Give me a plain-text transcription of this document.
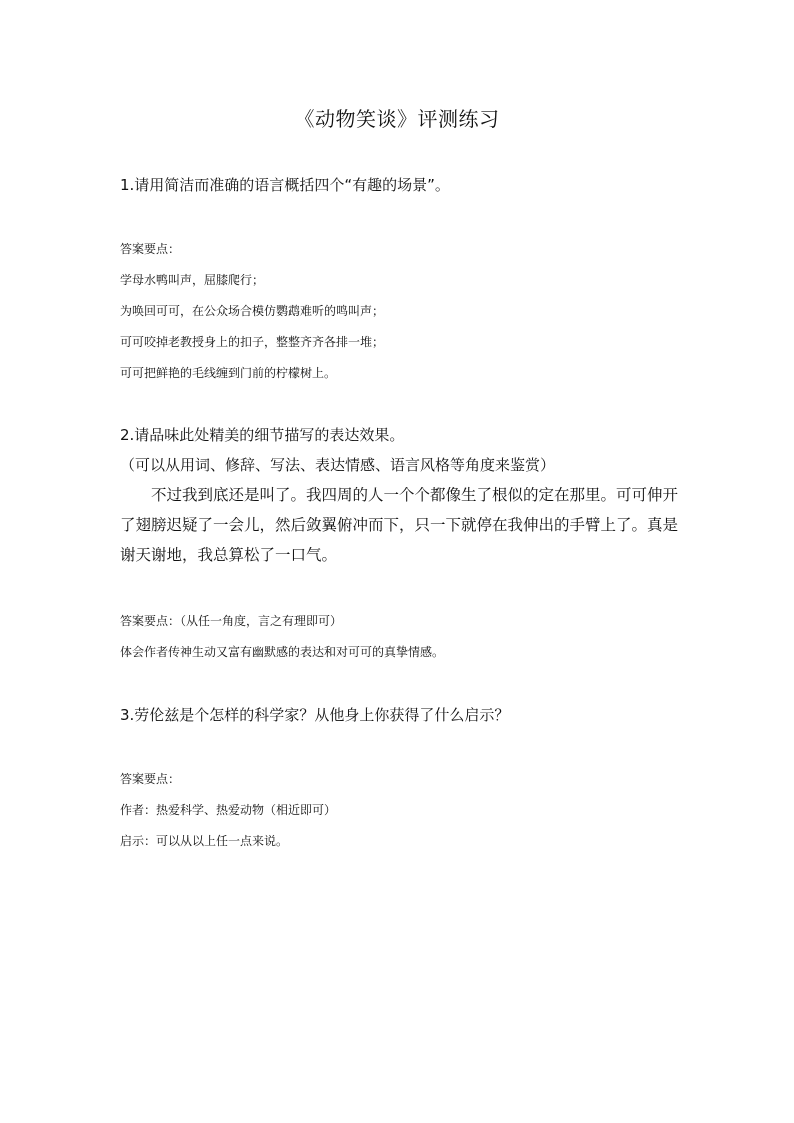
《动物笑谈》评测练习
1.请用简洁而准确的语言概括四个“有趣的场景”。
答案要点：
学母水鸭叫声，屈膝爬行；
为唤回可可，在公众场合模仿鹦鹉难听的鸣叫声；
可可咬掉老教授身上的扣子，整整齐齐各排一堆；
可可把鲜艳的毛线缠到门前的柠檬树上。
2.请品味此处精美的细节描写的表达效果。
（可以从用词、修辞、写法、表达情感、语言风格等角度来鉴赏）
不过我到底还是叫了。我四周的人一个个都像生了根似的定在那里。可可伸开了翅膀迟疑了一会儿，然后敛翼俯冲而下，只一下就停在我伸出的手臂上了。真是谢天谢地，我总算松了一口气。
答案要点：（从任一角度，言之有理即可）
体会作者传神生动又富有幽默感的表达和对可可的真挚情感。
3.劳伦兹是个怎样的科学家？从他身上你获得了什么启示？
答案要点：
作者：热爱科学、热爱动物（相近即可）
启示：可以从以上任一点来说。
